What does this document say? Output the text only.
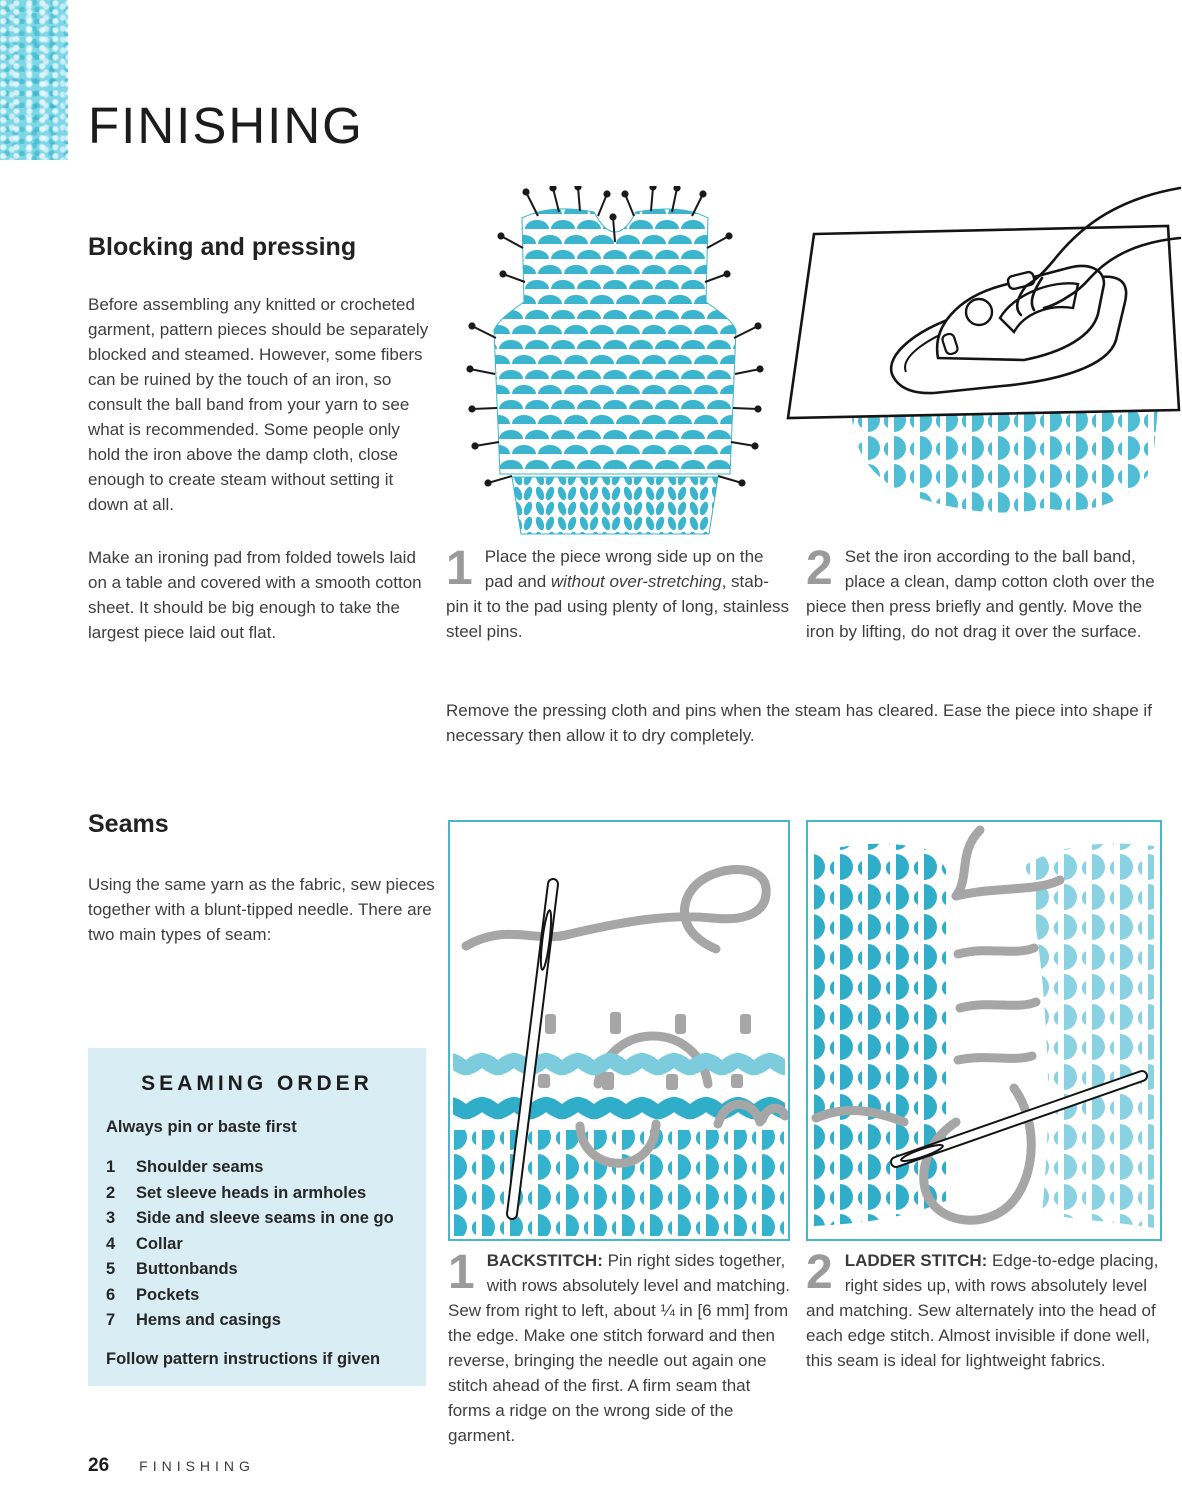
FINISHING
Blocking and pressing
Before assembling any knitted or crocheted garment, pattern pieces should be separately blocked and steamed. However, some fibers can be ruined by the touch of an iron, so consult the ball band from your yarn to see what is recommended. Some people only hold the iron above the damp cloth, close enough to create steam without setting it down at all.
Make an ironing pad from folded towels laid on a table and covered with a smooth cotton sheet. It should be big enough to take the largest piece laid out flat.
1 Place the piece wrong side up on the pad and without over-stretching, stab-pin it to the pad using plenty of long, stainless steel pins.
2 Set the iron according to the ball band, place a clean, damp cotton cloth over the piece then press briefly and gently. Move the iron by lifting, do not drag it over the surface.
Remove the pressing cloth and pins when the steam has cleared. Ease the piece into shape if necessary then allow it to dry completely.
Seams
Using the same yarn as the fabric, sew pieces together with a blunt-tipped needle. There are two main types of seam:
SEAMING ORDER
Always pin or baste first
1	Shoulder seams
2	Set sleeve heads in armholes
3	Side and sleeve seams in one go
4	Collar
5	Buttonbands
6	Pockets
7	Hems and casings
Follow pattern instructions if given
1 BACKSTITCH: Pin right sides together, with rows absolutely level and matching. Sew from right to left, about ¼ in [6 mm] from the edge. Make one stitch forward and then reverse, bringing the needle out again one stitch ahead of the first. A firm seam that forms a ridge on the wrong side of the garment.
2 LADDER STITCH: Edge-to-edge placing, right sides up, with rows absolutely level and matching. Sew alternately into the head of each edge stitch. Almost invisible if done well, this seam is ideal for lightweight fabrics.
26 FINISHING
